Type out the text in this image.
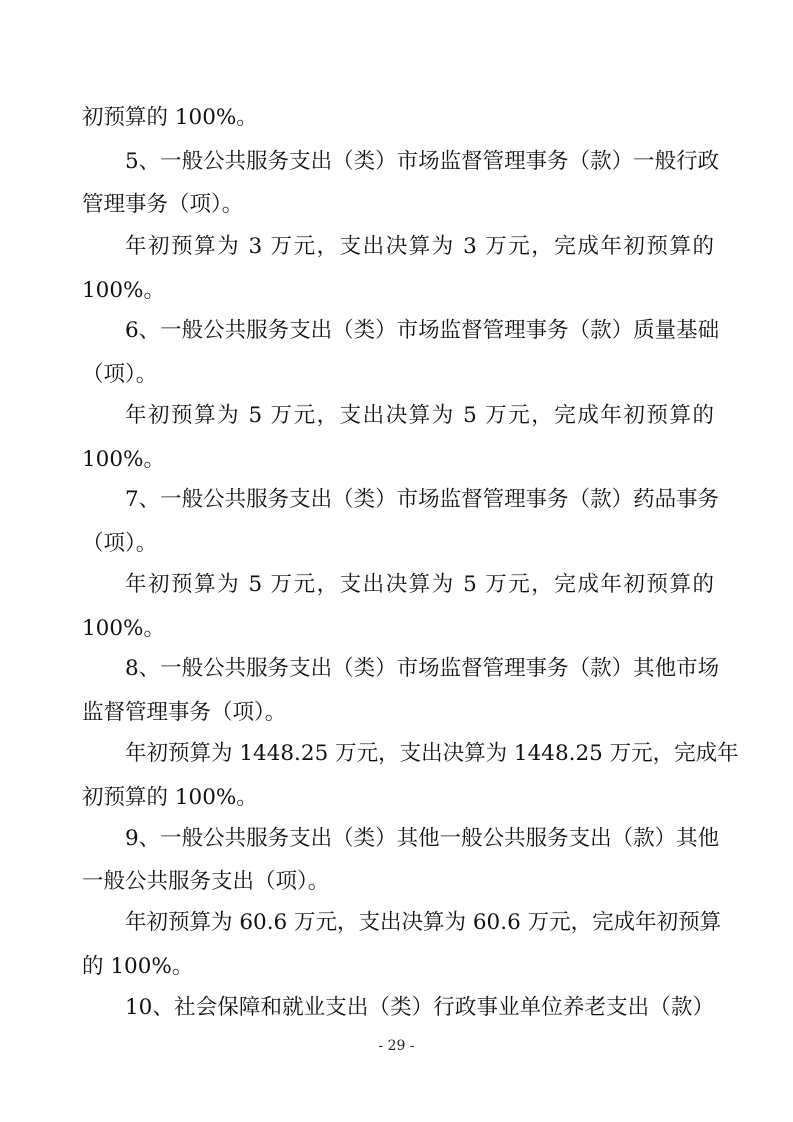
初预算的 100%。
5、一般公共服务支出（类）市场监督管理事务（款）一般行政
管理事务（项）。
年初预算为 3 万元，支出决算为 3 万元，完成年初预算的
100%。
6、一般公共服务支出（类）市场监督管理事务（款）质量基础
（项）。
年初预算为 5 万元，支出决算为 5 万元，完成年初预算的
100%。
7、一般公共服务支出（类）市场监督管理事务（款）药品事务
（项）。
年初预算为 5 万元，支出决算为 5 万元，完成年初预算的
100%。
8、一般公共服务支出（类）市场监督管理事务（款）其他市场
监督管理事务（项）。
年初预算为 1448.25 万元，支出决算为 1448.25 万元，完成年
初预算的 100%。
9、一般公共服务支出（类）其他一般公共服务支出（款）其他
一般公共服务支出（项）。
年初预算为 60.6 万元，支出决算为 60.6 万元，完成年初预算
的 100%。
10、社会保障和就业支出（类）行政事业单位养老支出（款）
- 29 -
